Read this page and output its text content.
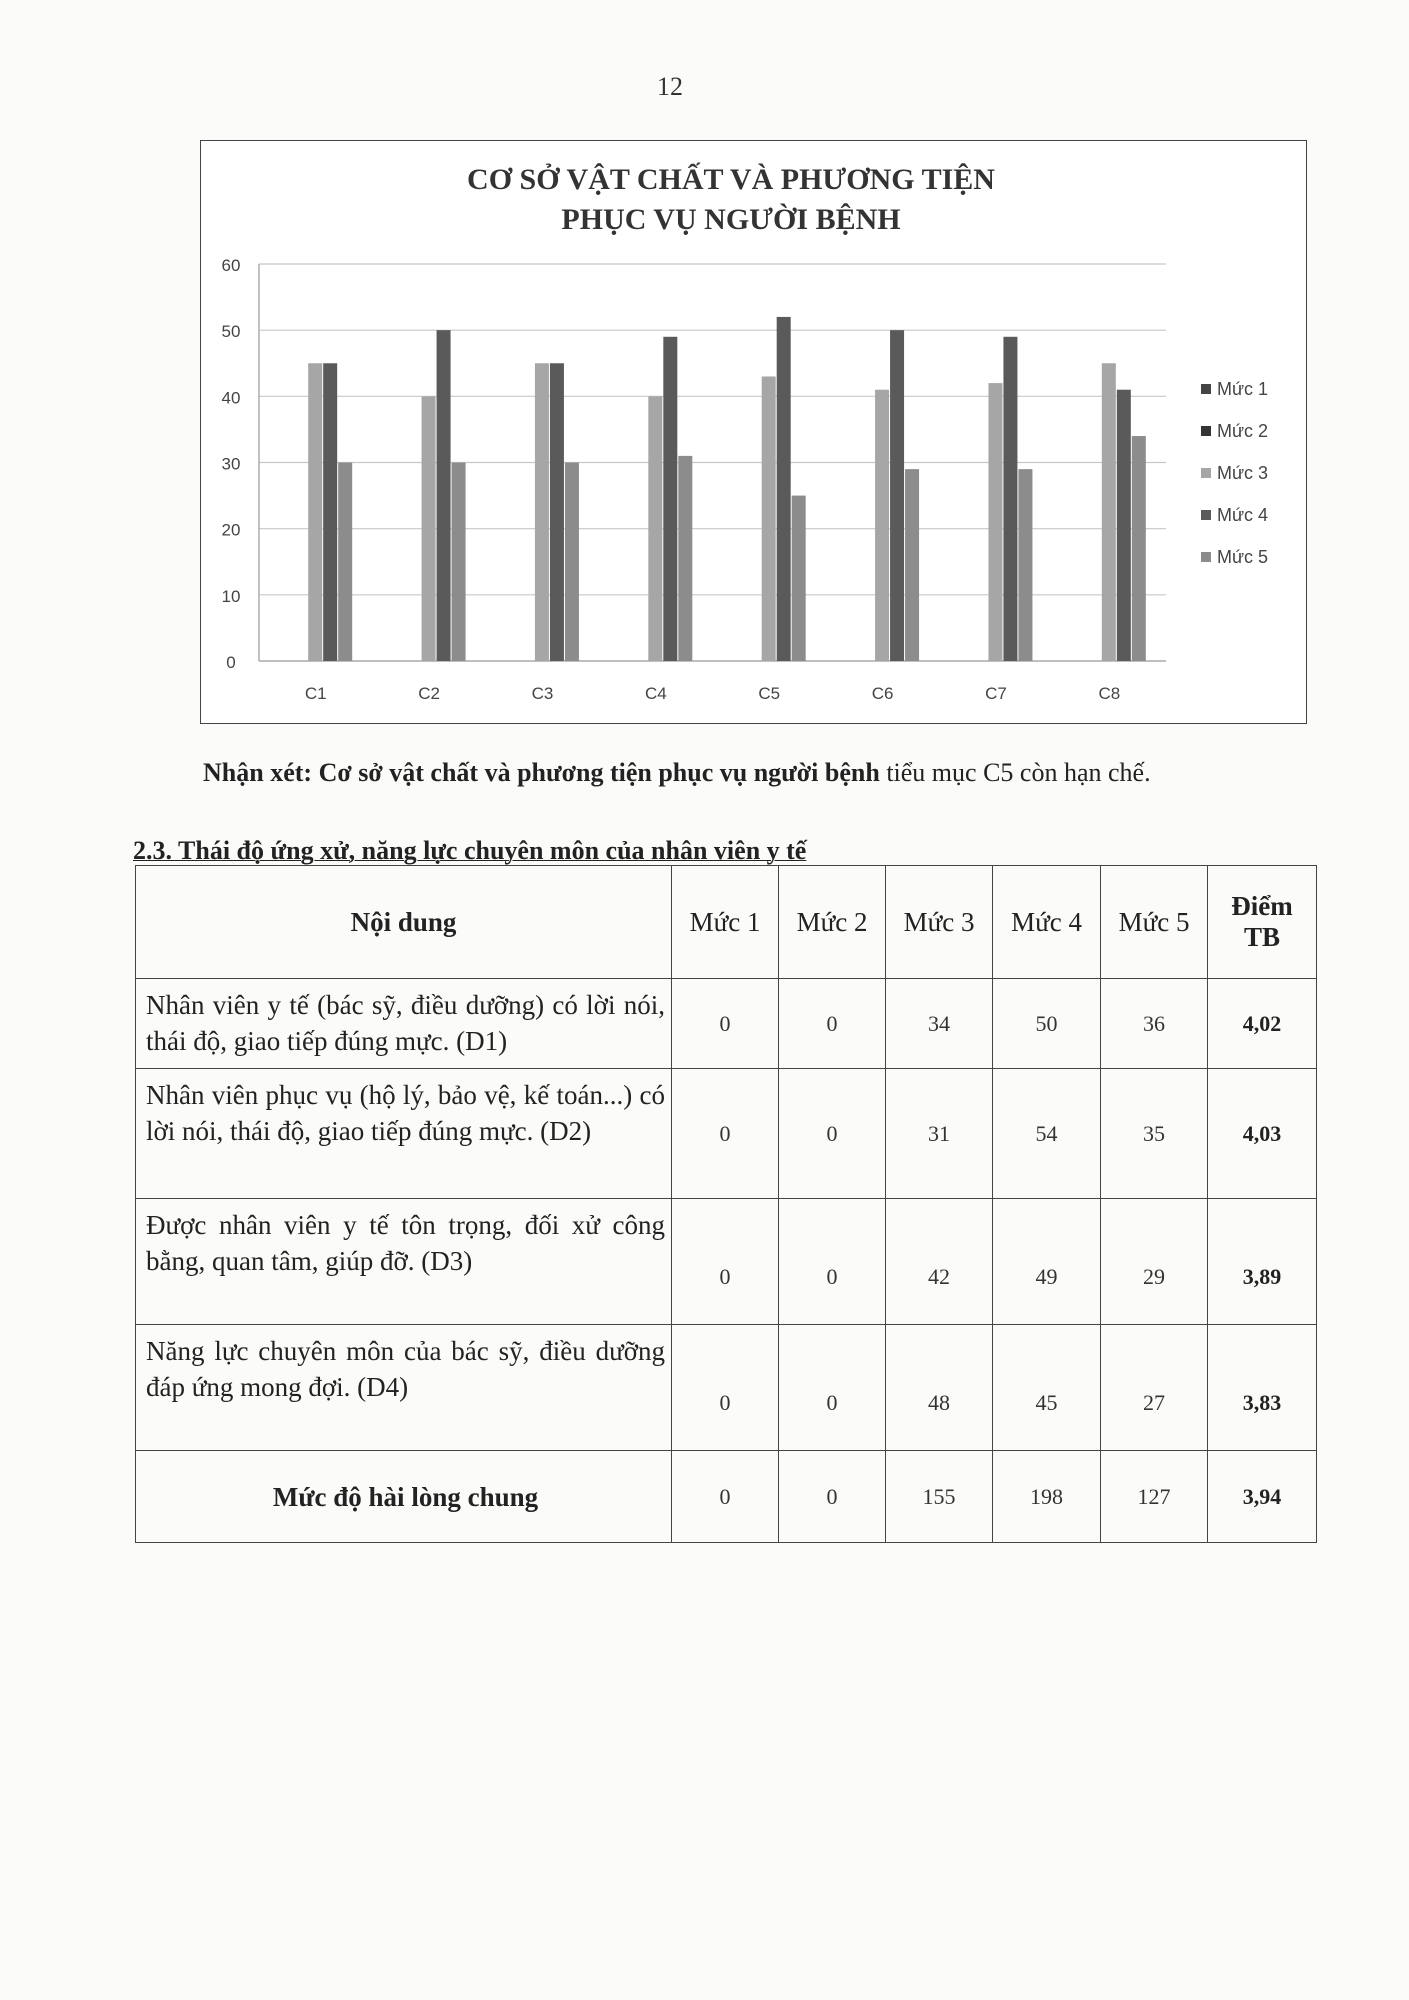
12
CƠ SỞ VẬT CHẤT VÀ PHƯƠNG TIỆN
PHỤC VỤ NGƯỜI BỆNH
0
10
20
30
40
50
60
C1	C2	C3	C4	C5	C6	C7	C8
Mức 1
Mức 2
Mức 3
Mức 4
Mức 5
Nhận xét: Cơ sở vật chất và phương tiện phục vụ người bệnh tiểu mục C5 còn hạn chế.
2.3. Thái độ ứng xử, năng lực chuyên môn của nhân viên y tế
Nội dung	Mức 1	Mức 2	Mức 3	Mức 4	Mức 5	Điểm
TB
Nhân viên y tế (bác sỹ, điều dưỡng) có lời nói, thái độ, giao tiếp đúng mực. (D1)	0	0	34	50	36	4,02
Nhân viên phục vụ (hộ lý, bảo vệ, kế toán...) có lời nói, thái độ, giao tiếp đúng mực. (D2)	0	0	31	54	35	4,03
Được nhân viên y tế tôn trọng, đối xử công bằng, quan tâm, giúp đỡ. (D3)	0	0	42	49	29	3,89
Năng lực chuyên môn của bác sỹ, điều dưỡng đáp ứng mong đợi. (D4)	0	0	48	45	27	3,83
Mức độ hài lòng chung	0	0	155	198	127	3,94
